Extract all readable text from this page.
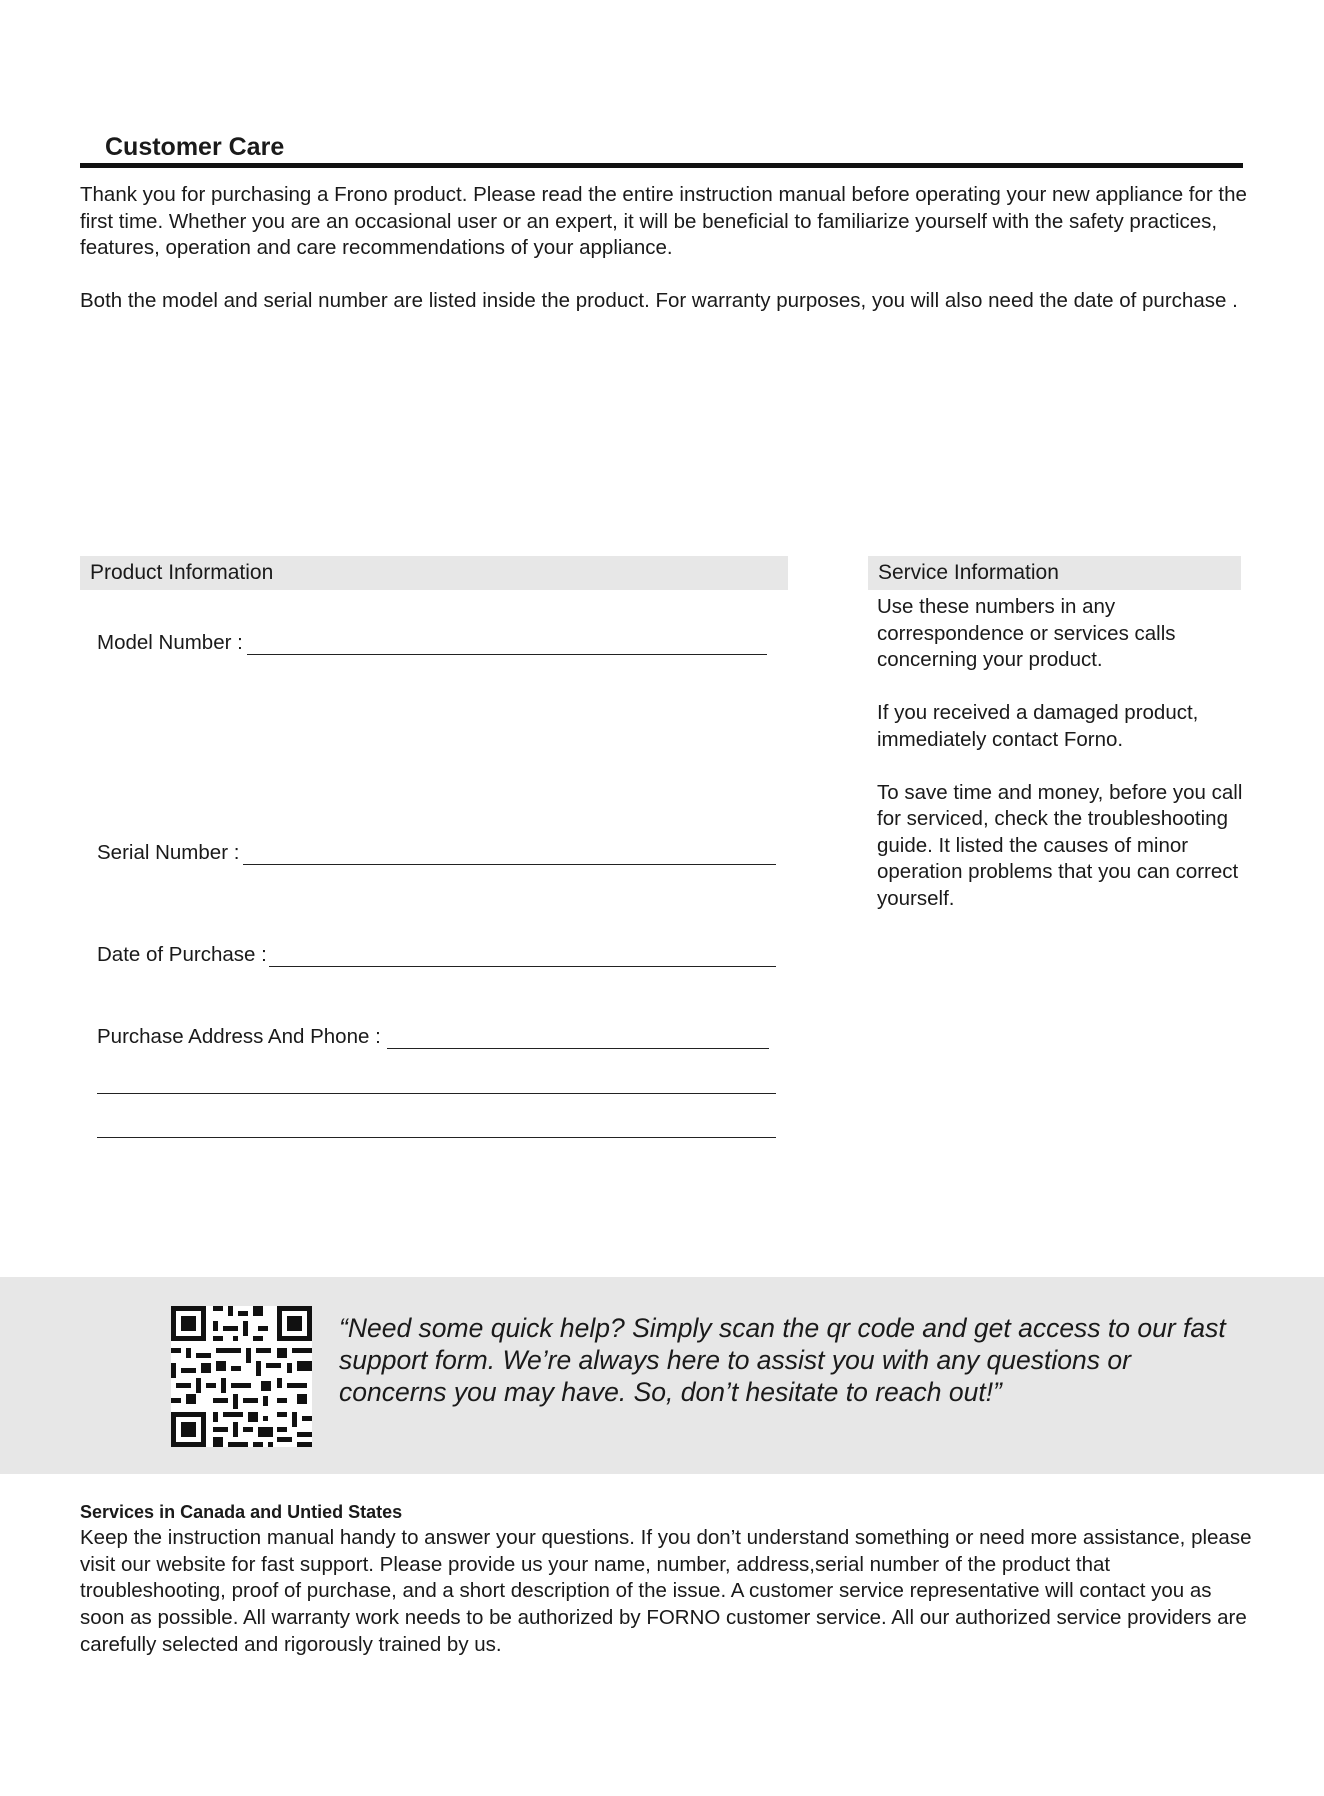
Customer Care

Thank you for purchasing a Frono product. Please read the entire instruction manual before operating your new appliance for the first time. Whether you are an occasional user or an expert, it will be beneficial to familiarize yourself with the safety practices, features, operation and care recommendations of your appliance.

Both the model and serial number are listed inside the product. For warranty purposes, you will also need the date of purchase .

Product Information
Model Number :
Serial Number :
Date of Purchase :
Purchase Address And Phone :
Service Information

Use these numbers in any correspondence or services calls concerning your product.

If you received a damaged product, immediately contact Forno.

To save time and money, before you call for serviced, check the troubleshooting guide. It listed the causes of minor operation problems that you can correct yourself.

“Need some quick help? Simply scan the qr code and get access to our fast support form. We’re always here to assist you with any questions or concerns you may have. So, don’t hesitate to reach out!”
Services in Canada and Untied States
Keep the instruction manual handy to answer your questions. If you don’t understand something or need more assistance, please visit our website for fast support. Please provide us your name, number, address,serial number of the product that troubleshooting, proof of purchase, and a short description of the issue. A customer service representative will contact you as soon as possible. All warranty work needs to be authorized by FORNO customer service. All our authorized service providers are carefully selected and rigorously trained by us.
